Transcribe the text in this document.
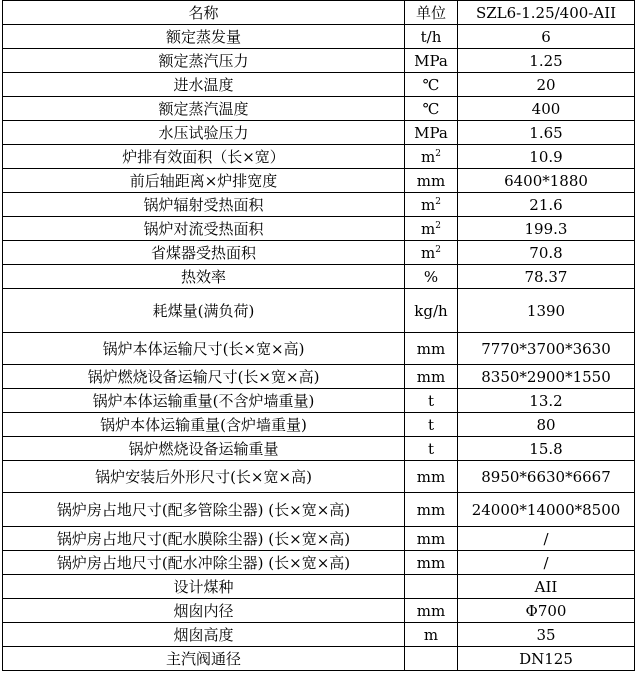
名称	单位	SZL6-1.25/400-AII
额定蒸发量	t/h	6
额定蒸汽压力	MPa	1.25
进水温度	℃	20
额定蒸汽温度	℃	400
水压试验压力	MPa	1.65
炉排有效面积（长×宽）	$m^2$	10.9
前后轴距离×炉排宽度	mm	6400*1880
锅炉辐射受热面积	$m^2$	21.6
锅炉对流受热面积	$m^2$	199.3
省煤器受热面积	$m^2$	70.8
热效率	%	78.37
耗煤量(满负荷)	kg/h	1390
锅炉本体运输尺寸(长×宽×高)	mm	7770*3700*3630
锅炉燃烧设备运输尺寸(长×宽×高)	mm	8350*2900*1550
锅炉本体运输重量(不含炉墙重量)	t	13.2
锅炉本体运输重量(含炉墙重量)	t	80
锅炉燃烧设备运输重量	t	15.8
锅炉安装后外形尺寸(长×宽×高)	mm	8950*6630*6667
锅炉房占地尺寸(配多管除尘器) (长×宽×高)	mm	24000*14000*8500
锅炉房占地尺寸(配水膜除尘器) (长×宽×高)	mm	/
锅炉房占地尺寸(配水冲除尘器) (长×宽×高)	mm	/
设计煤种		AII
烟囱内径	mm	Φ700
烟囱高度	m	35
主汽阀通径		DN125
